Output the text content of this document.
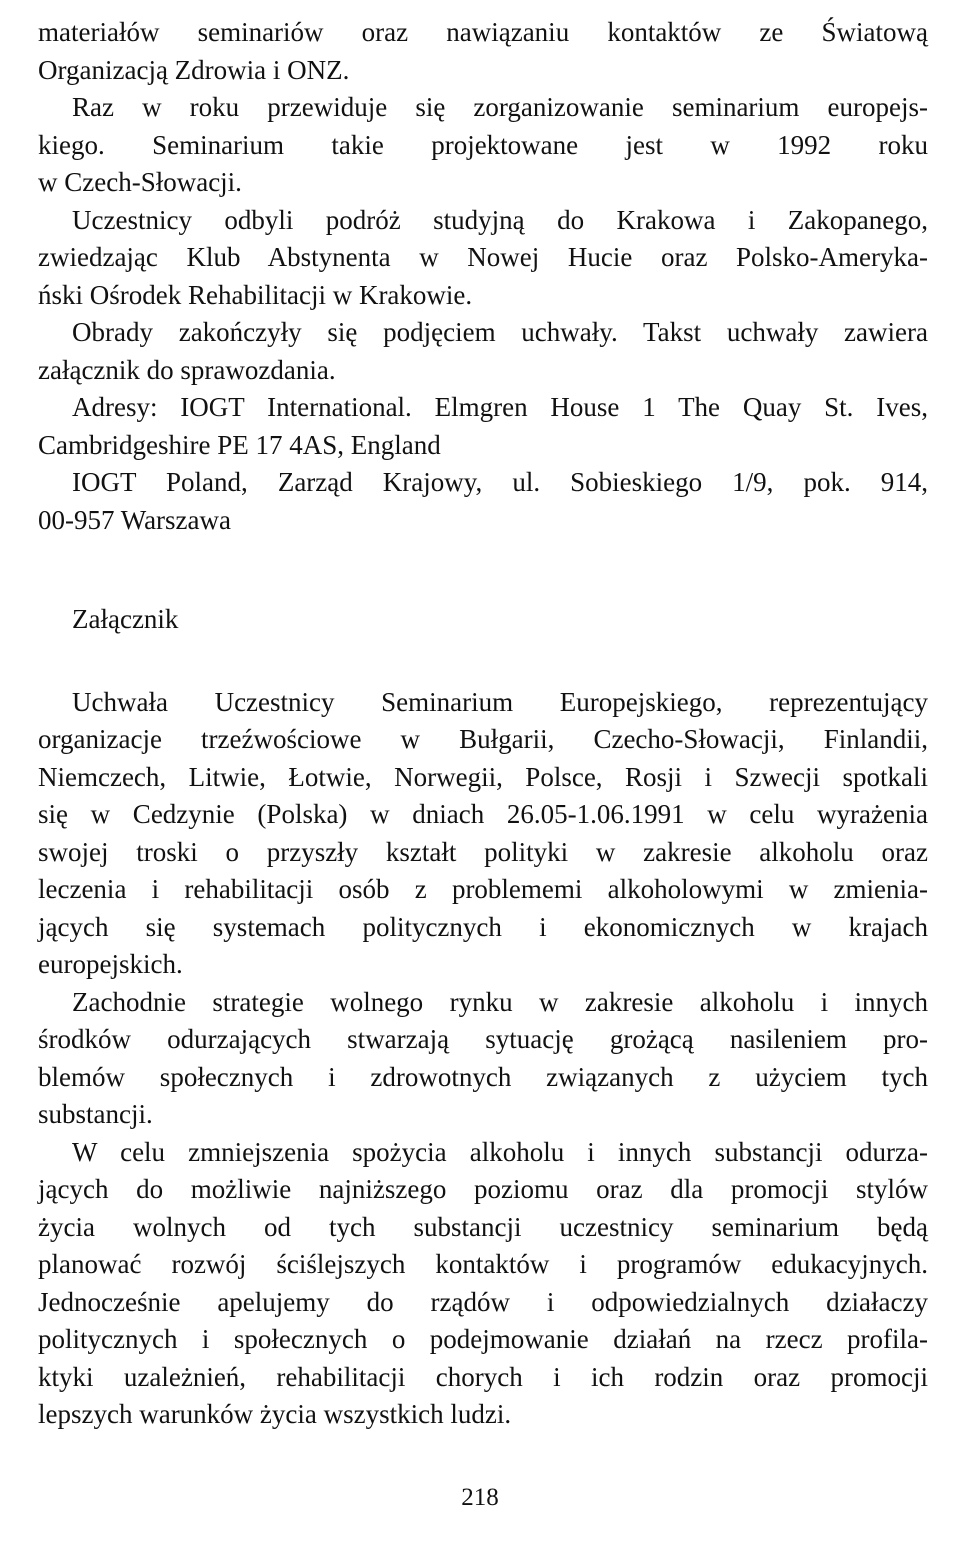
materiałów seminariów oraz nawiązaniu kontaktów ze Światową
Organizacją Zdrowia i ONZ.
Raz w roku przewiduje się zorganizowanie seminarium europejs-
kiego. Seminarium takie projektowane jest w 1992 roku
w Czech-Słowacji.
Uczestnicy odbyli podróż studyjną do Krakowa i Zakopanego,
zwiedzając Klub Abstynenta w Nowej Hucie oraz Polsko-Ameryka-
ński Ośrodek Rehabilitacji w Krakowie.
Obrady zakończyły się podjęciem uchwały. Takst uchwały zawiera
załącznik do sprawozdania.
Adresy: IOGT International. Elmgren House 1 The Quay St. Ives,
Cambridgeshire PE 17 4AS, England
IOGT Poland, Zarząd Krajowy, ul. Sobieskiego 1/9, pok. 914,
00-957 Warszawa
Załącznik
Uchwała Uczestnicy Seminarium Europejskiego, reprezentujący
organizacje trzeźwościowe w Bułgarii, Czecho-Słowacji, Finlandii,
Niemczech, Litwie, Łotwie, Norwegii, Polsce, Rosji i Szwecji spotkali
się w Cedzynie (Polska) w dniach 26.05-1.06.1991 w celu wyrażenia
swojej troski o przyszły kształt polityki w zakresie alkoholu oraz
leczenia i rehabilitacji osób z problememi alkoholowymi w zmienia-
jących się systemach politycznych i ekonomicznych w krajach
europejskich.
Zachodnie strategie wolnego rynku w zakresie alkoholu i innych
środków odurzających stwarzają sytuację grożącą nasileniem pro-
blemów społecznych i zdrowotnych związanych z użyciem tych
substancji.
W celu zmniejszenia spożycia alkoholu i innych substancji odurza-
jących do możliwie najniższego poziomu oraz dla promocji stylów
życia wolnych od tych substancji uczestnicy seminarium będą
planować rozwój ściślejszych kontaktów i programów edukacyjnych.
Jednocześnie apelujemy do rządów i odpowiedzialnych działaczy
politycznych i społecznych o podejmowanie działań na rzecz profila-
ktyki uzależnień, rehabilitacji chorych i ich rodzin oraz promocji
lepszych warunków życia wszystkich ludzi.
218
